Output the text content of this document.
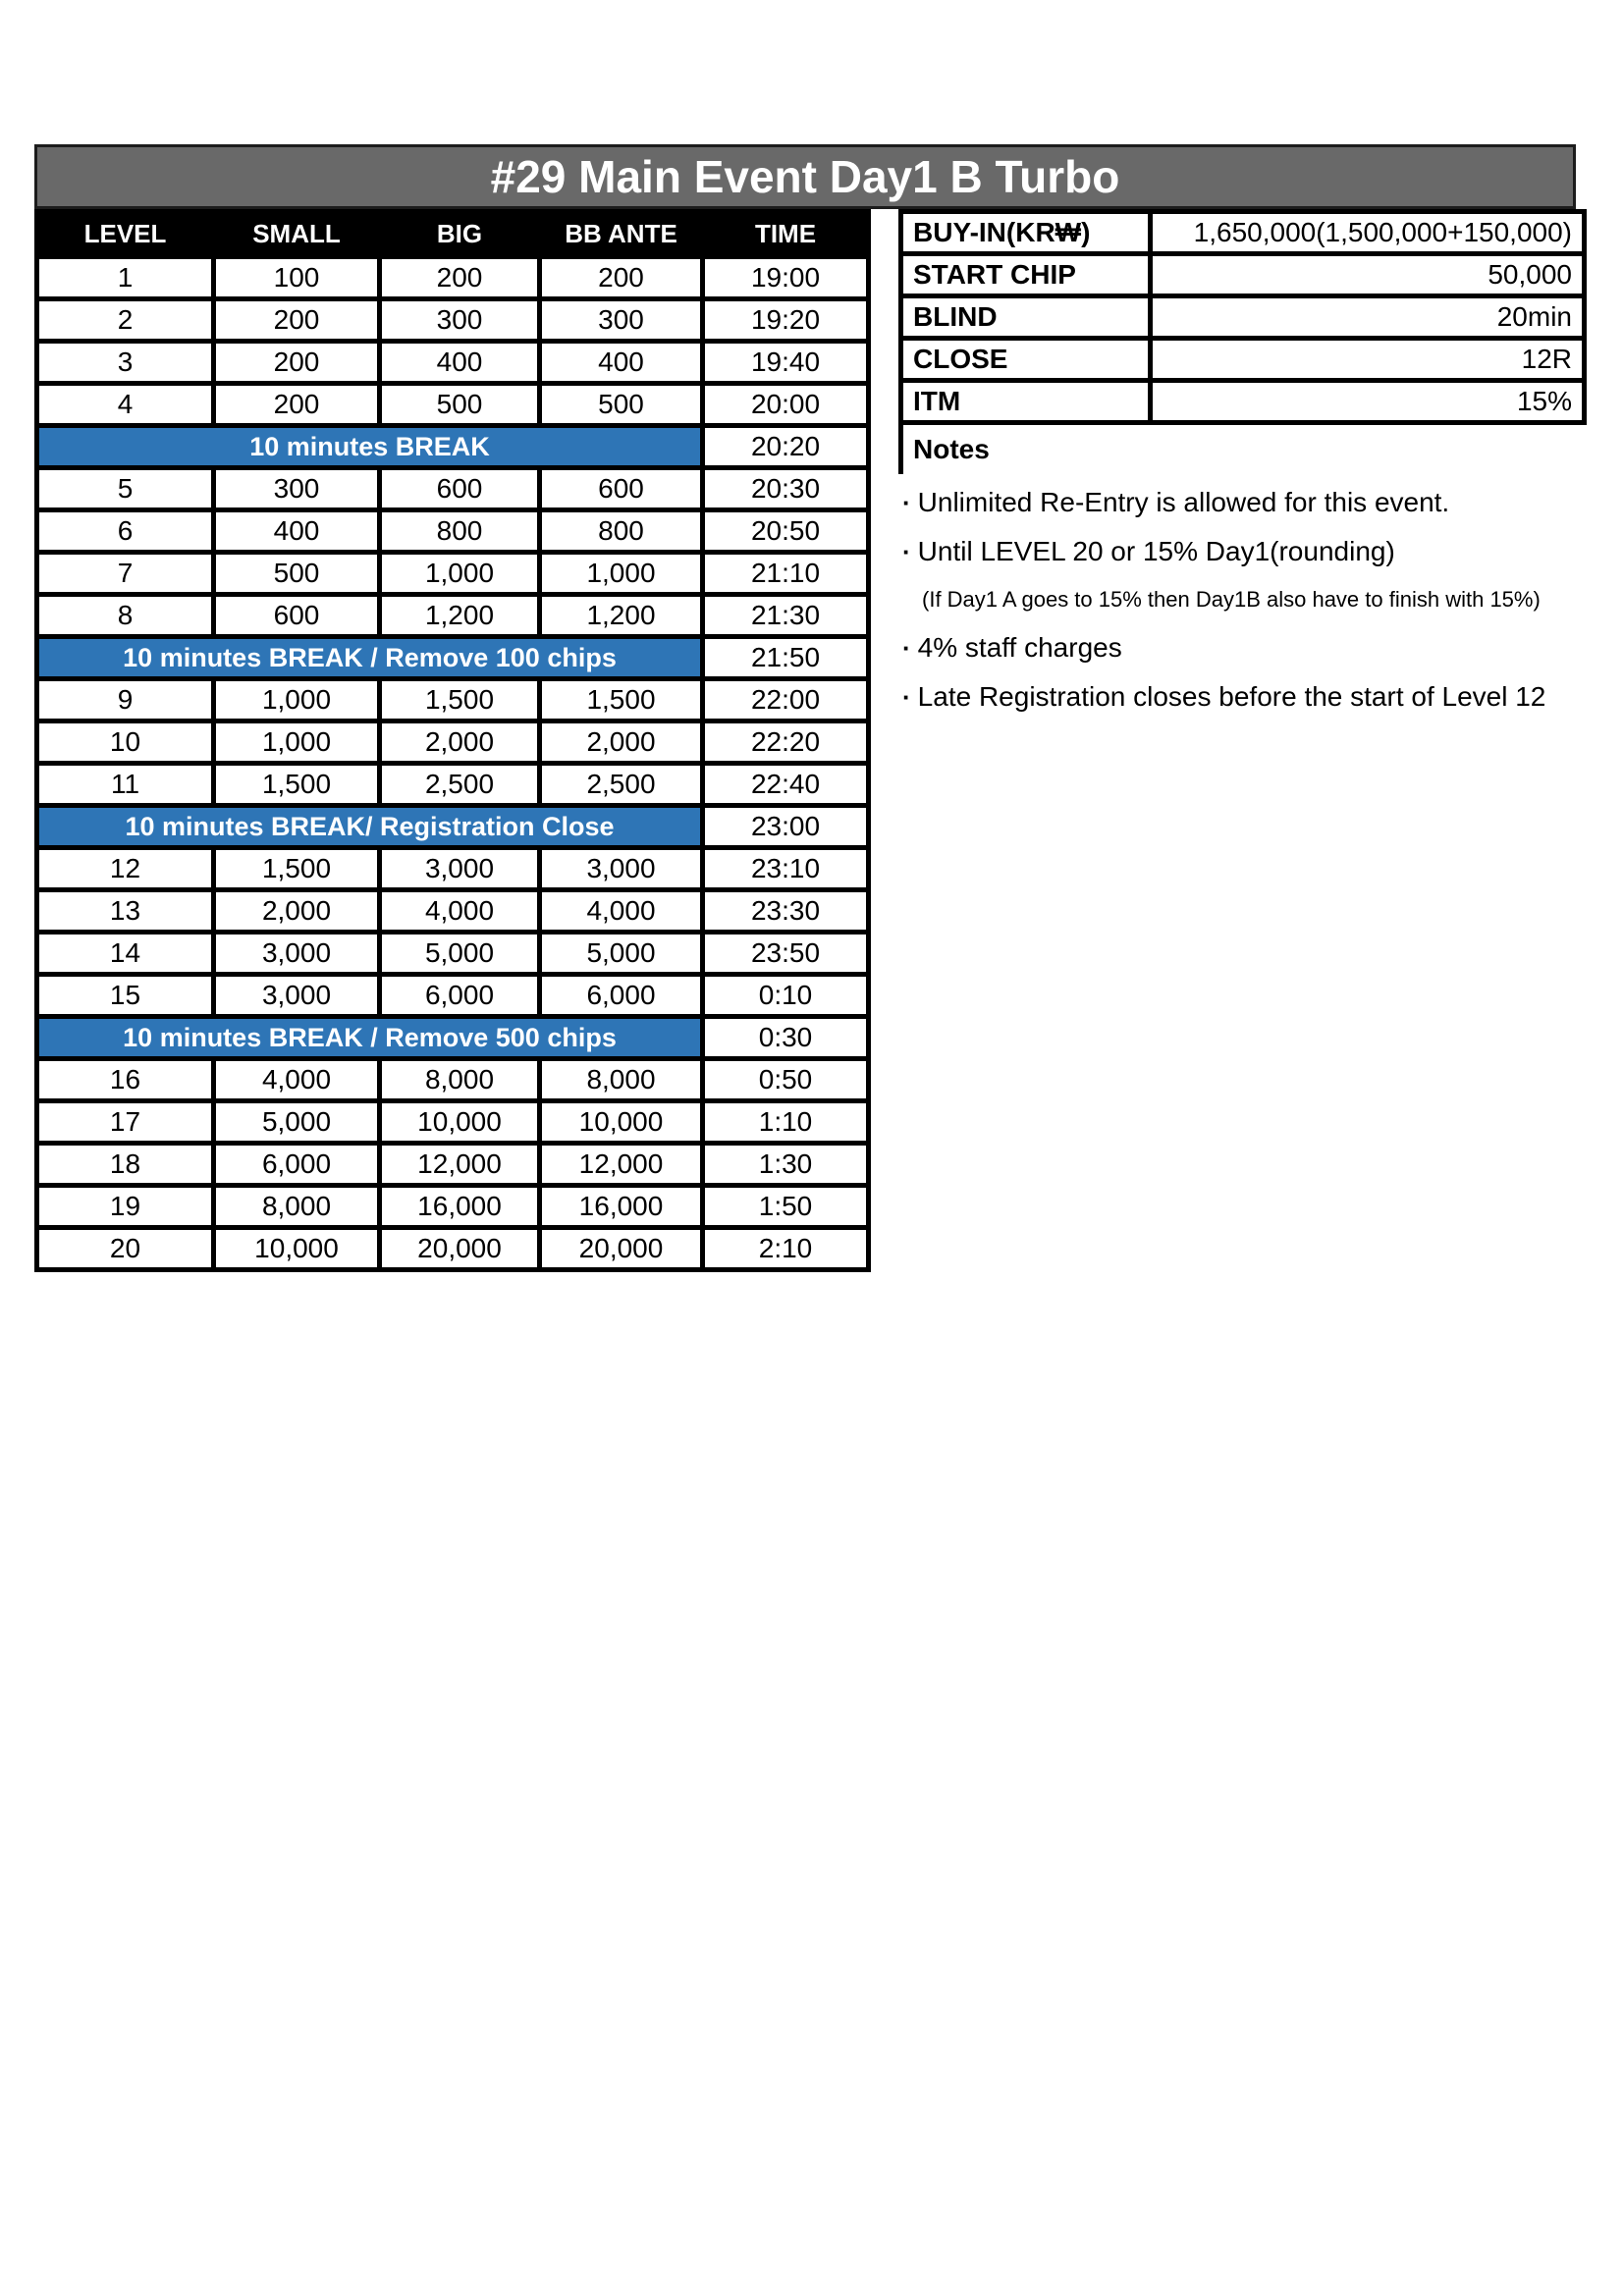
#29 Main Event Day1 B Turbo
LEVEL	SMALL	BIG	BB ANTE	TIME
1	100	200	200	19:00
2	200	300	300	19:20
3	200	400	400	19:40
4	200	500	500	20:00
10 minutes BREAK				20:20
5	300	600	600	20:30
6	400	800	800	20:50
7	500	1,000	1,000	21:10
8	600	1,200	1,200	21:30
10 minutes BREAK / Remove 100 chips				21:50
9	1,000	1,500	1,500	22:00
10	1,000	2,000	2,000	22:20
11	1,500	2,500	2,500	22:40
10 minutes BREAK/ Registration Close				23:00
12	1,500	3,000	3,000	23:10
13	2,000	4,000	4,000	23:30
14	3,000	5,000	5,000	23:50
15	3,000	6,000	6,000	0:10
10 minutes BREAK / Remove 500 chips				0:30
16	4,000	8,000	8,000	0:50
17	5,000	10,000	10,000	1:10
18	6,000	12,000	12,000	1:30
19	8,000	16,000	16,000	1:50
20	10,000	20,000	20,000	2:10
BUY-IN(KR₩)	1,650,000(1,500,000+150,000)
START CHIP	50,000
BLIND	20min
CLOSE	12R
ITM	15%
Notes
· Unlimited Re-Entry is allowed for this event.
· Until LEVEL 20 or 15% Day1(rounding)
(If Day1 A goes to 15% then Day1B also have to finish with 15%)
· 4% staff charges
· Late Registration closes before the start of Level 12
